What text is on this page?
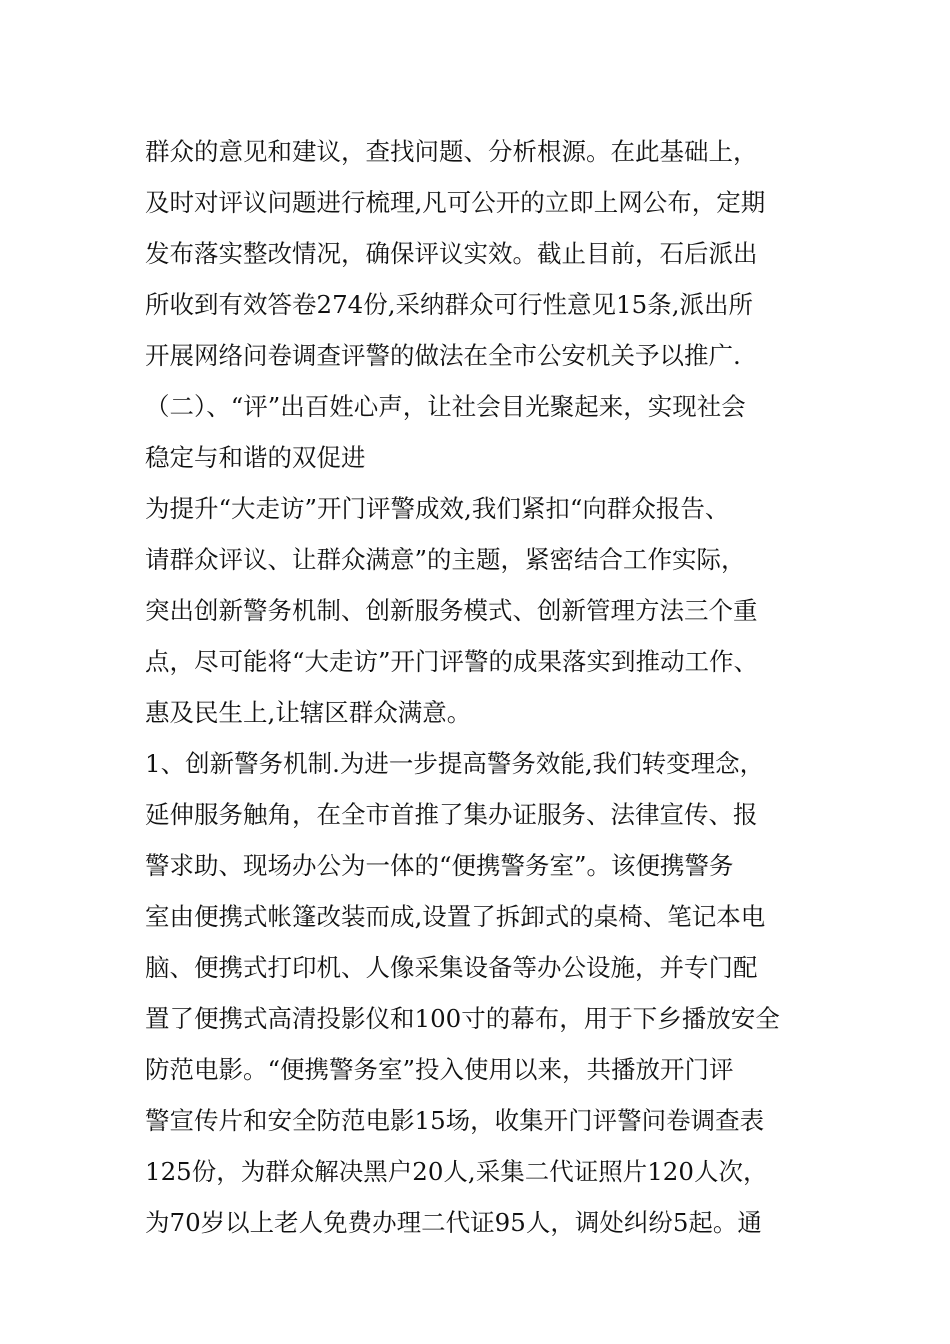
群众的意见和建议，查找问题、分析根源。在此基础上，
及时对评议问题进行梳理,凡可公开的立即上网公布，定期
发布落实整改情况，确保评议实效。截止目前，石后派出
所收到有效答卷274份,采纳群众可行性意见15条,派出所
开展网络问卷调查评警的做法在全市公安机关予以推广.
（二）、“评”出百姓心声，让社会目光聚起来，实现社会
稳定与和谐的双促进
为提升“大走访”开门评警成效,我们紧扣“向群众报告、
请群众评议、让群众满意”的主题，紧密结合工作实际，
突出创新警务机制、创新服务模式、创新管理方法三个重
点，尽可能将“大走访”开门评警的成果落实到推动工作、
惠及民生上,让辖区群众满意。
1、创新警务机制.为进一步提高警务效能,我们转变理念，
延伸服务触角，在全市首推了集办证服务、法律宣传、报
警求助、现场办公为一体的“便携警务室”。该便携警务
室由便携式帐篷改装而成,设置了拆卸式的桌椅、笔记本电
脑、便携式打印机、人像采集设备等办公设施，并专门配
置了便携式高清投影仪和100寸的幕布，用于下乡播放安全
防范电影。“便携警务室”投入使用以来，共播放开门评
警宣传片和安全防范电影15场，收集开门评警问卷调查表
125份，为群众解决黑户20人,采集二代证照片120人次，
为70岁以上老人免费办理二代证95人，调处纠纷5起。通
